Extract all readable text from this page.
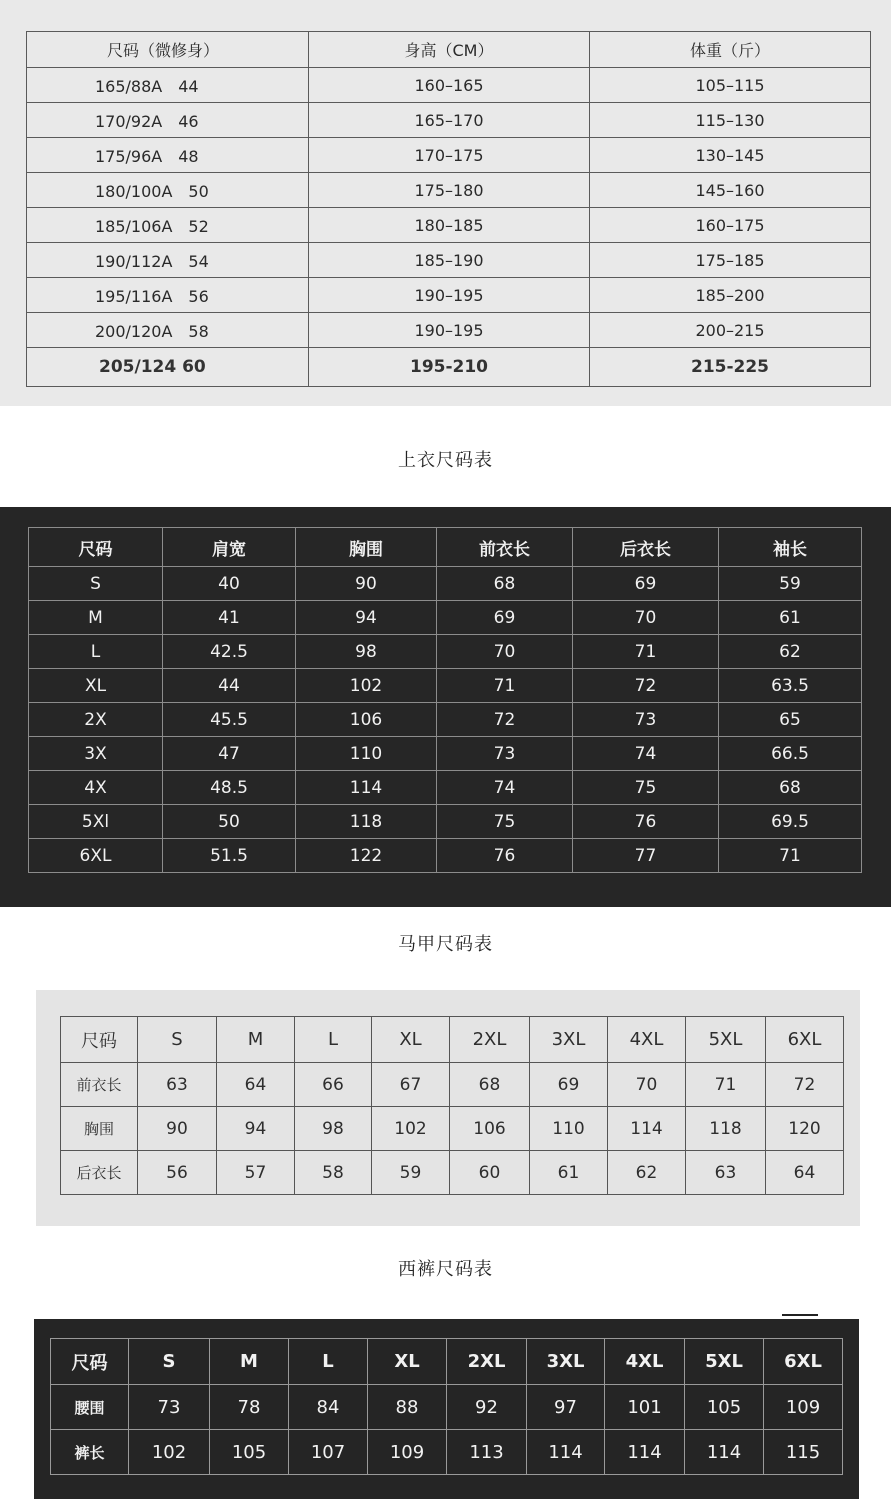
尺码（微修身）	身高（CM）	体重（斤）
165/88A　44	160–165	105–115
170/92A　46	165–170	115–130
175/96A　48	170–175	130–145
180/100A　50	175–180	145–160
185/106A　52	180–185	160–175
190/112A　54	185–190	175–185
195/116A　56	190–195	185–200
200/120A　58	190–195	200–215
205/124 60	195-210	215-225
上衣尺码表
尺码	肩宽	胸围	前衣长	后衣长	袖长
S	40	90	68	69	59
M	41	94	69	70	61
L	42.5	98	70	71	62
XL	44	102	71	72	63.5
2X	45.5	106	72	73	65
3X	47	110	73	74	66.5
4X	48.5	114	74	75	68
5Xl	50	118	75	76	69.5
6XL	51.5	122	76	77	71
马甲尺码表
尺码	S	M	L	XL	2XL	3XL	4XL	5XL	6XL
前衣长	63	64	66	67	68	69	70	71	72
胸围	90	94	98	102	106	110	114	118	120
后衣长	56	57	58	59	60	61	62	63	64
西裤尺码表
尺码	S	M	L	XL	2XL	3XL	4XL	5XL	6XL
腰围	73	78	84	88	92	97	101	105	109
裤长	102	105	107	109	113	114	114	114	115
